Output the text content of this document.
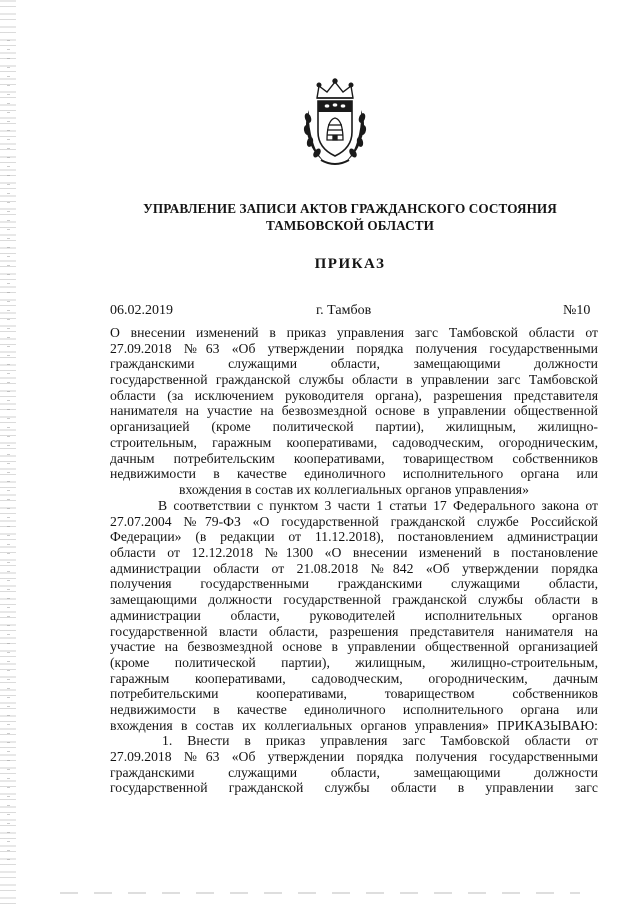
УПРАВЛЕНИЕ ЗАПИСИ АКТОВ ГРАЖДАНСКОГО СОСТОЯНИЯ
ТАМБОВСКОЙ ОБЛАСТИ
ПРИКАЗ
06.02.2019	г. Тамбов	№10
О внесении изменений в приказ управления загс Тамбовской области от
27.09.2018 №63 «Об утверждении порядка получения государственными
гражданскими служащими области, замещающими должности
государственной гражданской службы области в управлении загс Тамбовской
области (за исключением руководителя органа), разрешения представителя
нанимателя на участие на безвозмездной основе в управлении общественной
организацией (кроме политической партии), жилищным, жилищно-
строительным, гаражным кооперативами, садоводческим, огородническим,
дачным потребительским кооперативами, товариществом собственников
недвижимости в качестве единоличного исполнительного органа или
вхождения в состав их коллегиальных органов управления»
В соответствии с пунктом 3 части 1 статьи 17 Федерального закона от
27.07.2004 №79-ФЗ «О государственной гражданской службе Российской
Федерации» (в редакции от 11.12.2018), постановлением администрации
области от 12.12.2018 №1300 «О внесении изменений в постановление
администрации области от 21.08.2018 №842 «Об утверждении порядка
получения государственными гражданскими служащими области,
замещающими должности государственной гражданской службы области в
администрации области, руководителей исполнительных органов
государственной власти области, разрешения представителя нанимателя на
участие на безвозмездной основе в управлении общественной организацией
(кроме политической партии), жилищным, жилищно-строительным,
гаражным кооперативами, садоводческим, огородническим, дачным
потребительскими кооперативами, товариществом собственников
недвижимости в качестве единоличного исполнительного органа или
вхождения в состав их коллегиальных органов управления» ПРИКАЗЫВАЮ:
1. Внести в приказ управления загс Тамбовской области от
27.09.2018 №63 «Об утверждении порядка получения государственными
гражданскими служащими области, замещающими должности
государственной гражданской службы области в управлении загс
